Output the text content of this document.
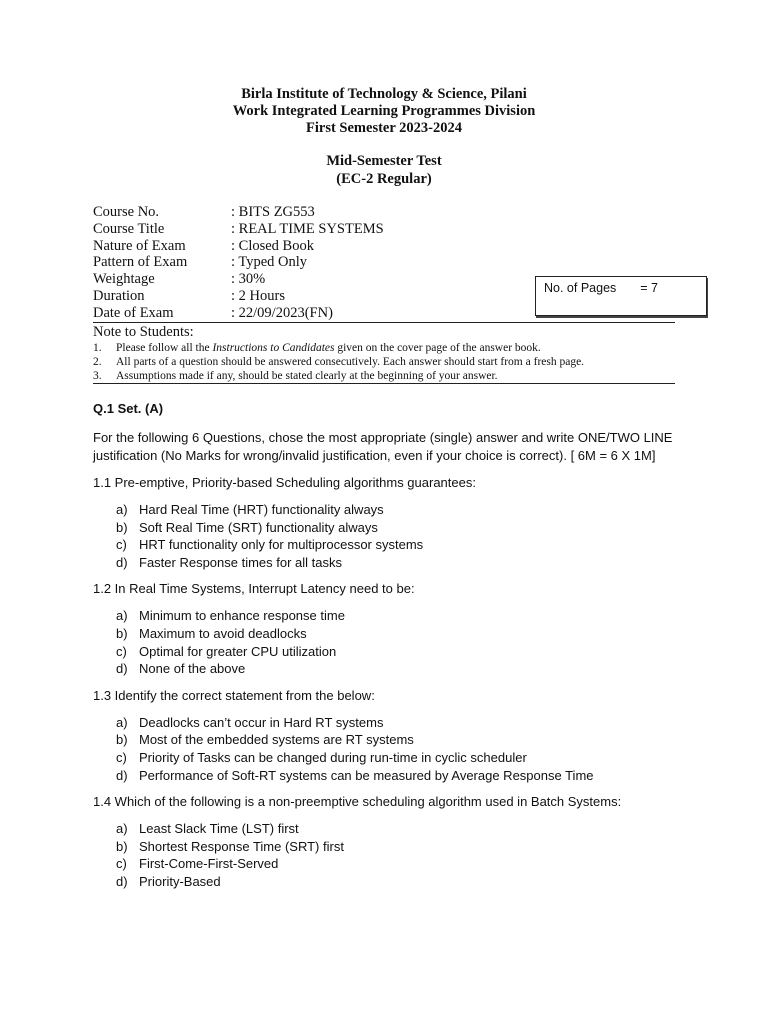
Birla Institute of Technology & Science, Pilani
Work Integrated Learning Programmes Division
First Semester 2023-2024
Mid-Semester Test
(EC-2 Regular)
Course No.	: BITS ZG553
Course Title	: REAL TIME SYSTEMS
Nature of Exam	: Closed Book
Pattern of Exam	: Typed Only
Weightage	: 30%
Duration	: 2 Hours
Date of Exam	: 22/09/2023(FN)
No. of Pages = 7
Note to Students:
1. Please follow all the Instructions to Candidates given on the cover page of the answer book.
2. All parts of a question should be answered consecutively. Each answer should start from a fresh page.
3. Assumptions made if any, should be stated clearly at the beginning of your answer.
Q.1 Set. (A)
For the following 6 Questions, chose the most appropriate (single) answer and write ONE/TWO LINE
justification (No Marks for wrong/invalid justification, even if your choice is correct). [ 6M = 6 X 1M]
1.1 Pre-emptive, Priority-based Scheduling algorithms guarantees:
a) Hard Real Time (HRT) functionality always
b) Soft Real Time (SRT) functionality always
c) HRT functionality only for multiprocessor systems
d) Faster Response times for all tasks
1.2 In Real Time Systems, Interrupt Latency need to be:
a) Minimum to enhance response time
b) Maximum to avoid deadlocks
c) Optimal for greater CPU utilization
d) None of the above
1.3 Identify the correct statement from the below:
a) Deadlocks can’t occur in Hard RT systems
b) Most of the embedded systems are RT systems
c) Priority of Tasks can be changed during run-time in cyclic scheduler
d) Performance of Soft-RT systems can be measured by Average Response Time
1.4 Which of the following is a non-preemptive scheduling algorithm used in Batch Systems:
a) Least Slack Time (LST) first
b) Shortest Response Time (SRT) first
c) First-Come-First-Served
d) Priority-Based
